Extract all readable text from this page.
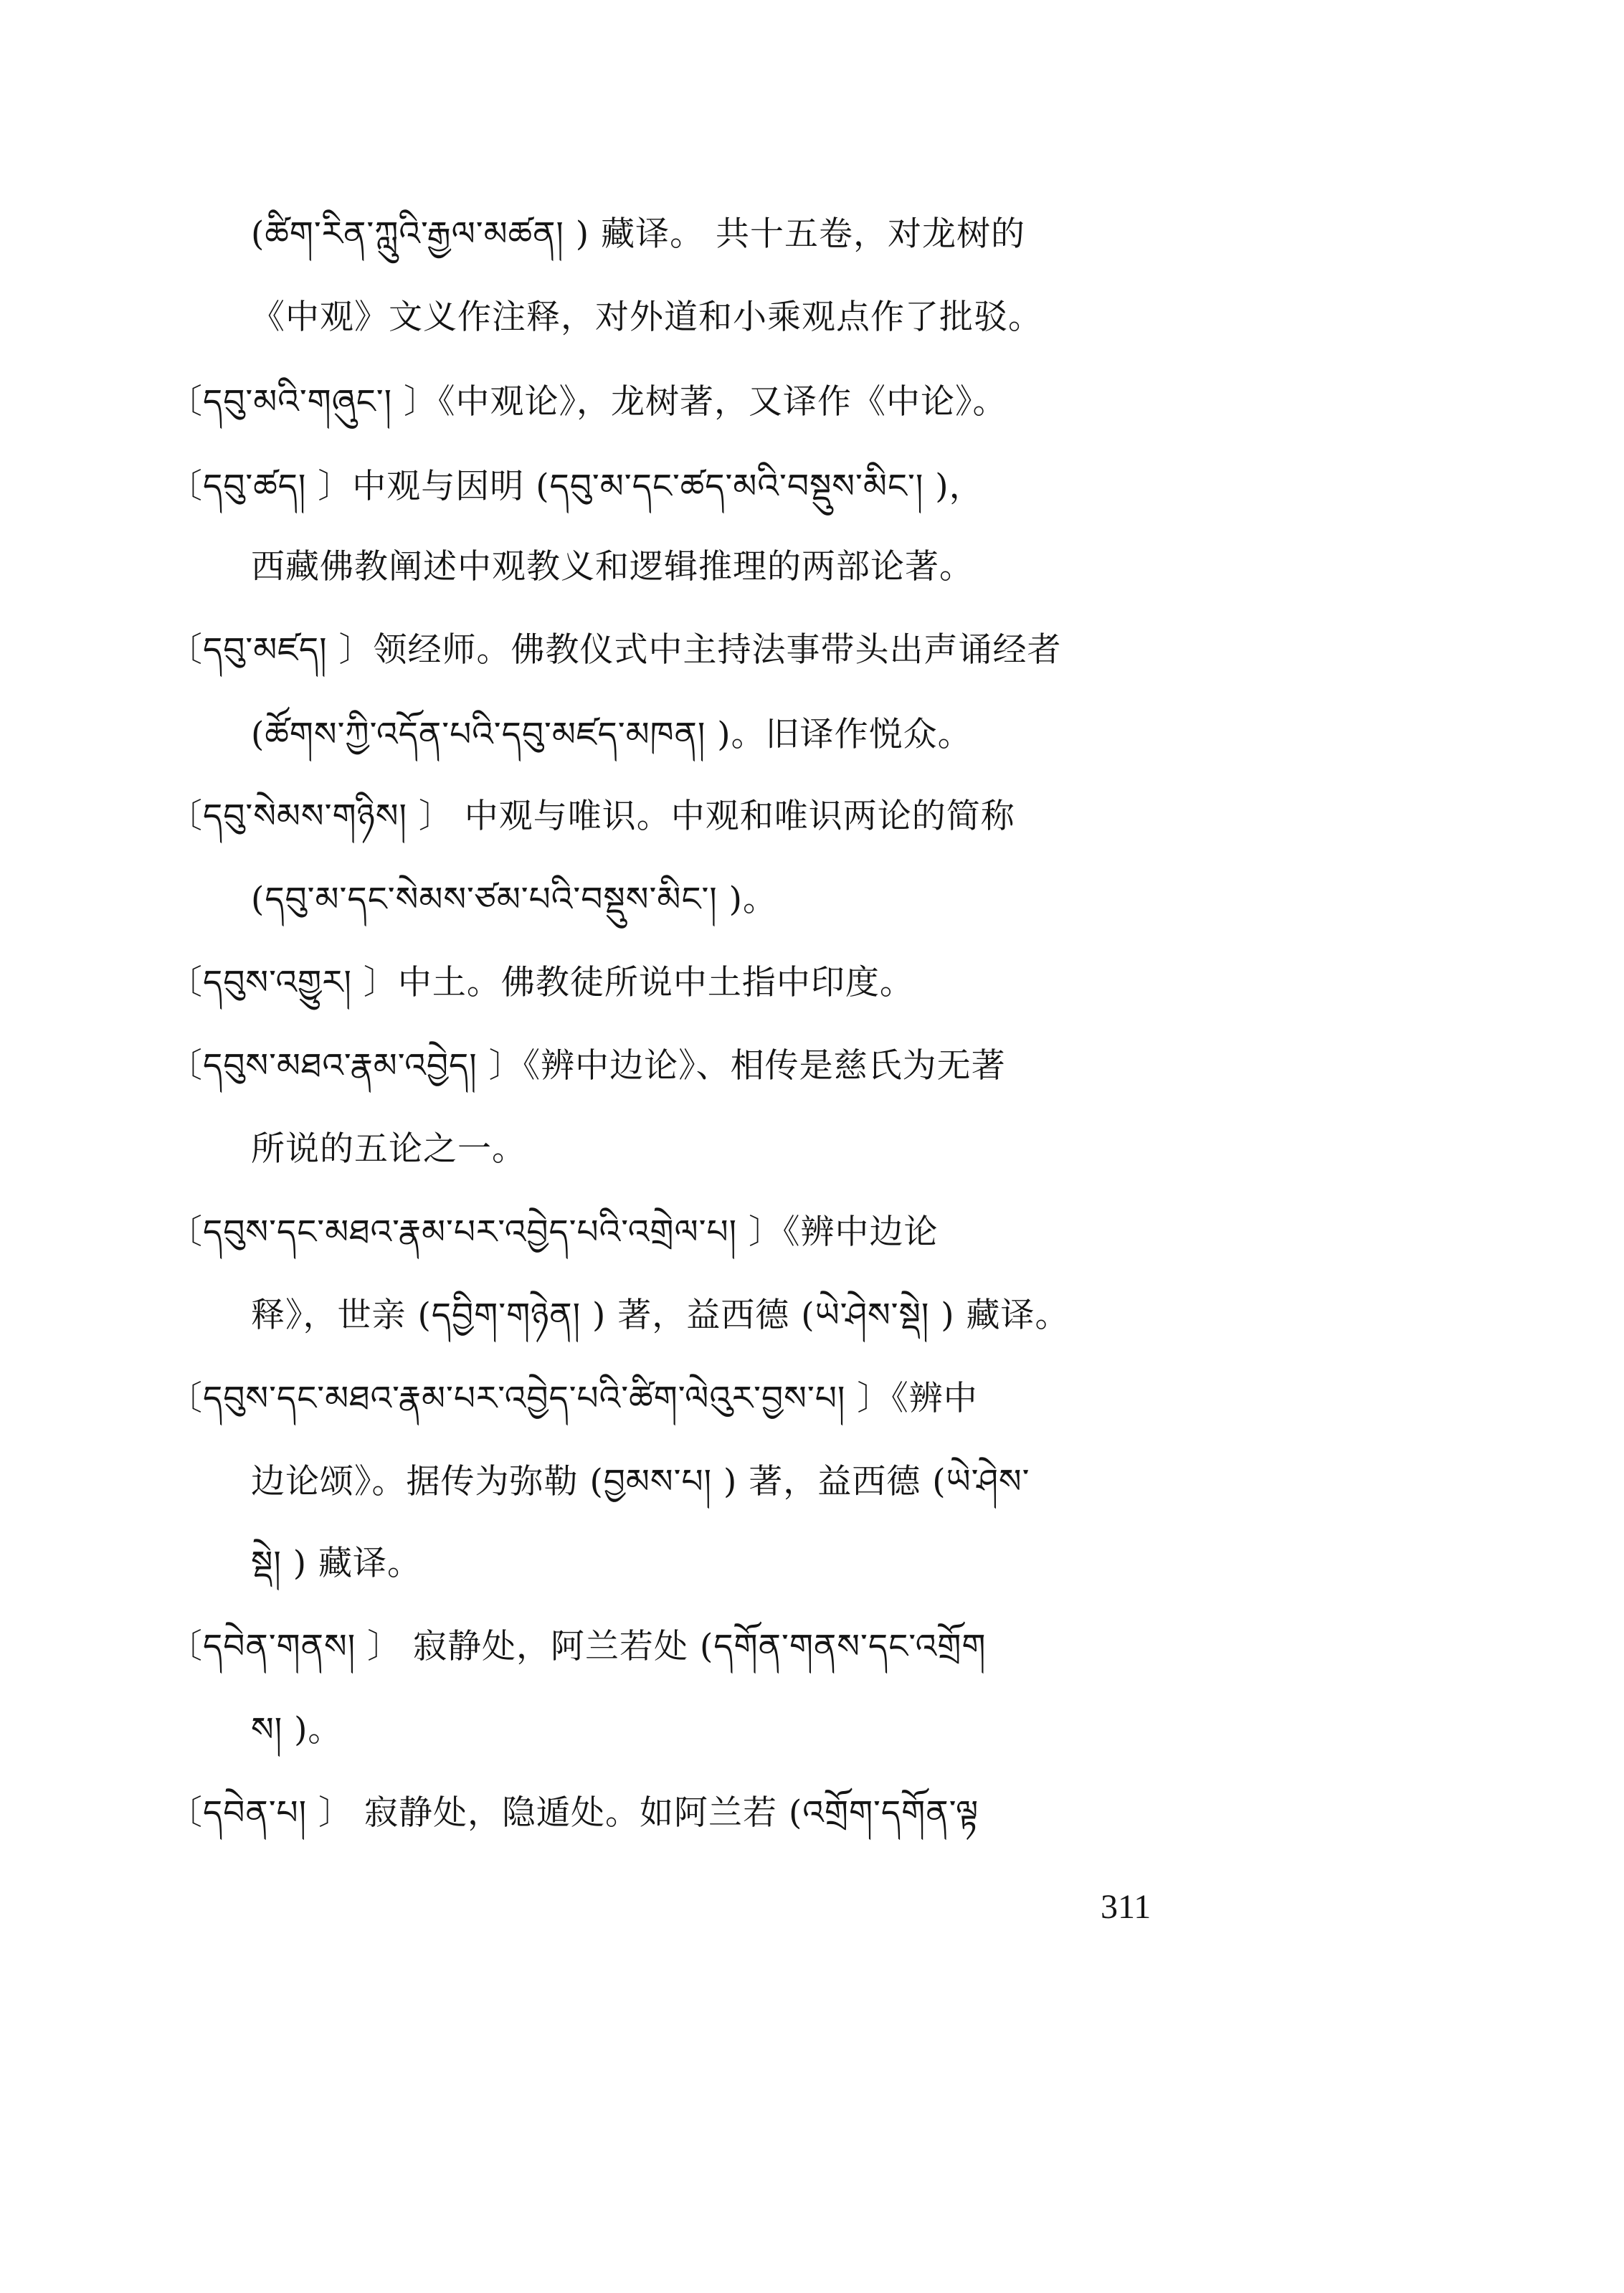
(ཚིག་རིན་ཀླུའི་རྒྱལ་མཚན། ) 藏译。 共十五卷，对龙树的
《中观》文义作注释，对外道和小乘观点作了批驳。
〔དབུ་མའི་གཞུང་། 〕《中观论》，龙树著，又译作《中论》。
〔དབུ་ཚད། 〕中观与因明 (དབུ་མ་དང་ཚད་མའི་བསྡུས་མིང་། )，
西藏佛教阐述中观教义和逻辑推理的两部论著。
〔དབུ་མཛད། 〕领经师。佛教仪式中主持法事带头出声诵经者
(ཚོགས་ཀྱི་འདོན་པའི་དབུ་མཛད་མཁན། )。旧译作悦众。
〔དབུ་སེམས་གཉིས། 〕 中观与唯识。中观和唯识两论的简称
(དབུ་མ་དང་སེམས་ཙམ་པའི་བསྡུས་མིང་། )。
〔དབུས་འགྱུར། 〕中土。佛教徒所说中土指中印度。
〔དབུས་མཐའ་རྣམ་འབྱེད། 〕《辨中边论》、相传是慈氏为无著
所说的五论之一。
〔དབུས་དང་མཐའ་རྣམ་པར་འབྱེད་པའི་འགྲེལ་པ། 〕《辨中边论
释》，世亲 (དབྱིག་གཉེན། ) 著，益西德 (ཡེ་ཤེས་སྡེ། ) 藏译。
〔དབུས་དང་མཐའ་རྣམ་པར་འབྱེད་པའི་ཚིག་ལེའུར་བྱས་པ། 〕《辨中
边论颂》。据传为弥勒 (བྱམས་པ། ) 著，益西德 (ཡེ་ཤེས་
སྡེ། ) 藏译。
〔དབེན་གནས། 〕 寂静处，阿兰若处 (དགོན་གནས་དང་འགྲོག
ས། )。
〔དབེན་པ། 〕 寂静处，隐遁处。如阿兰若 (འགྲོག་དགོན་ལྟ
311
